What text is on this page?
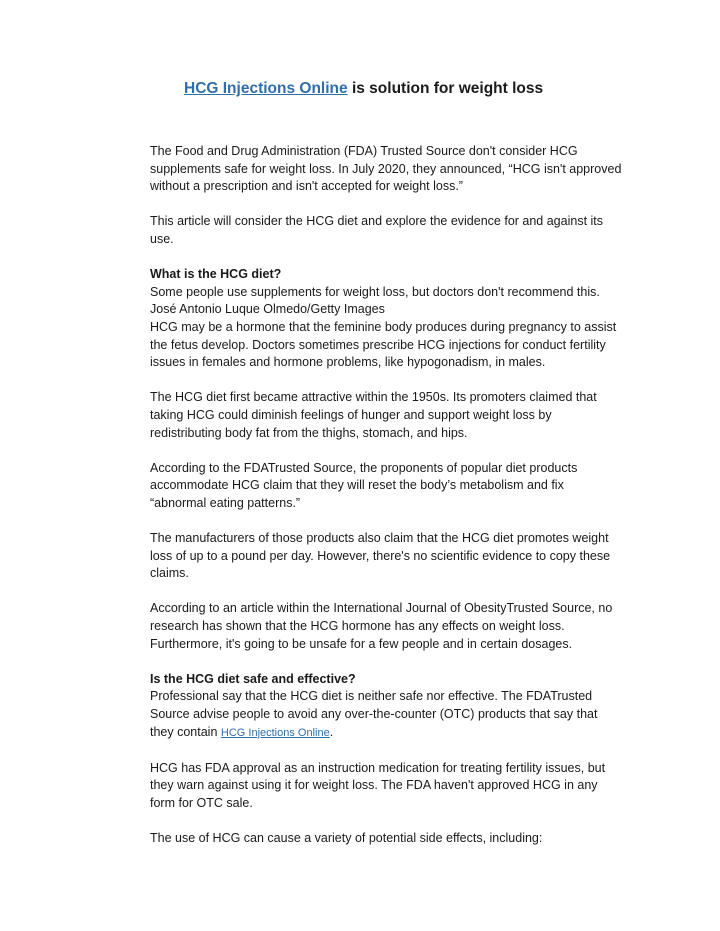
HCG Injections Online is solution for weight loss

The Food and Drug Administration (FDA) Trusted Source don't consider HCG
supplements safe for weight loss. In July 2020, they announced, “HCG isn't approved
without a prescription and isn't accepted for weight loss.”

This article will consider the HCG diet and explore the evidence for and against its
use.

What is the HCG diet?
Some people use supplements for weight loss, but doctors don't recommend this.
José Antonio Luque Olmedo/Getty Images
HCG may be a hormone that the feminine body produces during pregnancy to assist
the fetus develop. Doctors sometimes prescribe HCG injections for conduct fertility
issues in females and hormone problems, like hypogonadism, in males.

The HCG diet first became attractive within the 1950s. Its promoters claimed that
taking HCG could diminish feelings of hunger and support weight loss by
redistributing body fat from the thighs, stomach, and hips.

According to the FDATrusted Source, the proponents of popular diet products
accommodate HCG claim that they will reset the body’s metabolism and fix
“abnormal eating patterns.”

The manufacturers of those products also claim that the HCG diet promotes weight
loss of up to a pound per day. However, there's no scientific evidence to copy these
claims.

According to an article within the International Journal of ObesityTrusted Source, no
research has shown that the HCG hormone has any effects on weight loss.
Furthermore, it's going to be unsafe for a few people and in certain dosages.

Is the HCG diet safe and effective?
Professional say that the HCG diet is neither safe nor effective. The FDATrusted
Source advise people to avoid any over-the-counter (OTC) products that say that
they contain HCG Injections Online.

HCG has FDA approval as an instruction medication for treating fertility issues, but
they warn against using it for weight loss. The FDA haven't approved HCG in any
form for OTC sale.

The use of HCG can cause a variety of potential side effects, including:
